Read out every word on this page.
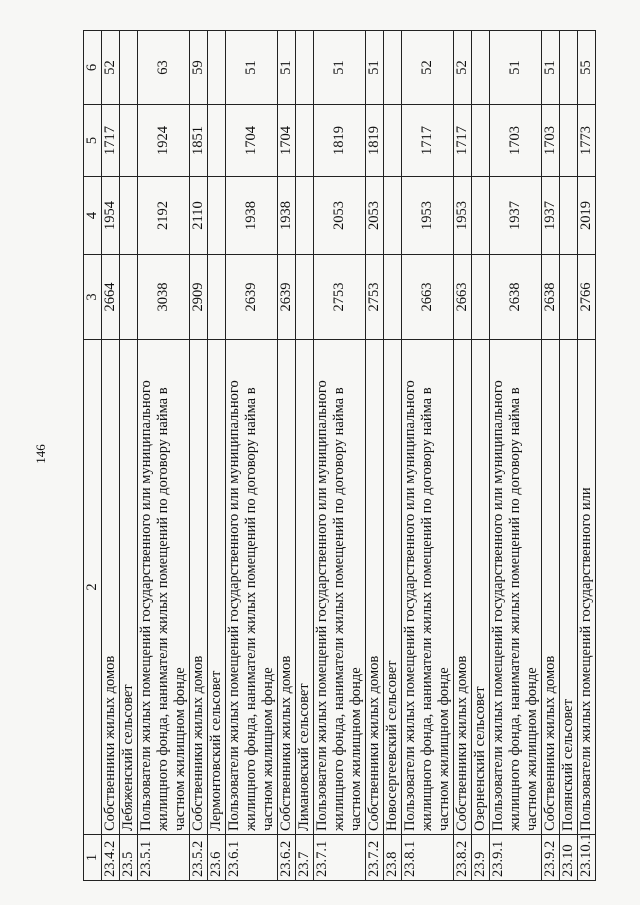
146
1	2	3	4	5	6
23.4.2	Собственники жилых домов	2664	1954	1717	52
23.5	Лебяженский сельсовет				
23.5.1	Пользователи жилых помещений государственного или муниципального жилищного фонда, наниматели жилых помещений по договору найма в частном жилищном фонде	3038	2192	1924	63
23.5.2	Собственники жилых домов	2909	2110	1851	59
23.6	Лермонтовский сельсовет				
23.6.1	Пользователи жилых помещений государственного или муниципального жилищного фонда, наниматели жилых помещений по договору найма в частном жилищном фонде	2639	1938	1704	51
23.6.2	Собственники жилых домов	2639	1938	1704	51
23.7	Лимановский сельсовет				
23.7.1	Пользователи жилых помещений государственного или муниципального жилищного фонда, наниматели жилых помещений по договору найма в частном жилищном фонде	2753	2053	1819	51
23.7.2	Собственники жилых домов	2753	2053	1819	51
23.8	Новосергеевский сельсовет				
23.8.1	Пользователи жилых помещений государственного или муниципального жилищного фонда, наниматели жилых помещений по договору найма в частном жилищном фонде	2663	1953	1717	52
23.8.2	Собственники жилых домов	2663	1953	1717	52
23.9	Озерненский сельсовет				
23.9.1	Пользователи жилых помещений государственного или муниципального жилищного фонда, наниматели жилых помещений по договору найма в частном жилищном фонде	2638	1937	1703	51
23.9.2	Собственники жилых домов	2638	1937	1703	51
23.10	Полянский сельсовет				
23.10.1	Пользователи жилых помещений государственного или	2766	2019	1773	55
